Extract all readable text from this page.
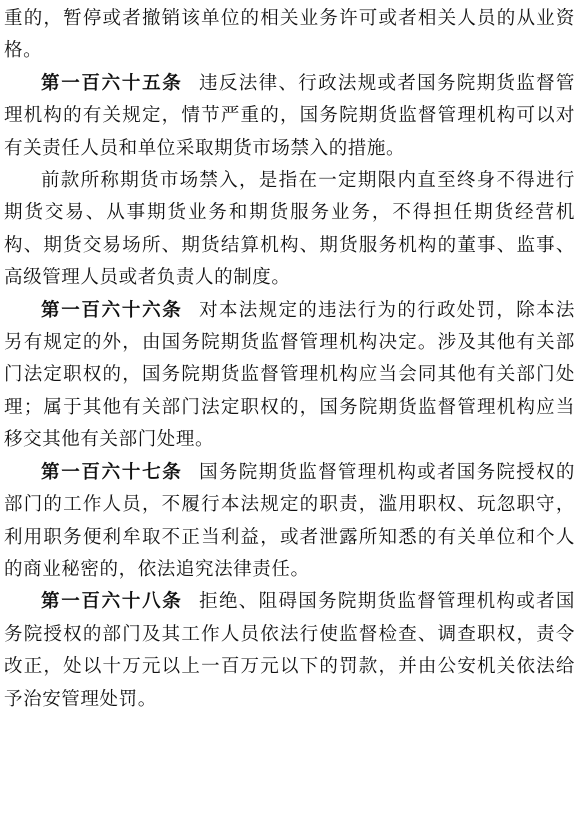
重的，暂停或者撤销该单位的相关业务许可或者相关人员的从业资格。

第一百六十五条 违反法律、行政法规或者国务院期货监督管理机构的有关规定，情节严重的，国务院期货监督管理机构可以对有关责任人员和单位采取期货市场禁入的措施。

前款所称期货市场禁入，是指在一定期限内直至终身不得进行期货交易、从事期货业务和期货服务业务，不得担任期货经营机构、期货交易场所、期货结算机构、期货服务机构的董事、监事、高级管理人员或者负责人的制度。

第一百六十六条 对本法规定的违法行为的行政处罚，除本法另有规定的外，由国务院期货监督管理机构决定。涉及其他有关部门法定职权的，国务院期货监督管理机构应当会同其他有关部门处理；属于其他有关部门法定职权的，国务院期货监督管理机构应当移交其他有关部门处理。

第一百六十七条 国务院期货监督管理机构或者国务院授权的部门的工作人员，不履行本法规定的职责，滥用职权、玩忽职守，利用职务便利牟取不正当利益，或者泄露所知悉的有关单位和个人的商业秘密的，依法追究法律责任。

第一百六十八条 拒绝、阻碍国务院期货监督管理机构或者国务院授权的部门及其工作人员依法行使监督检查、调查职权，责令改正，处以十万元以上一百万元以下的罚款，并由公安机关依法给予治安管理处罚。
